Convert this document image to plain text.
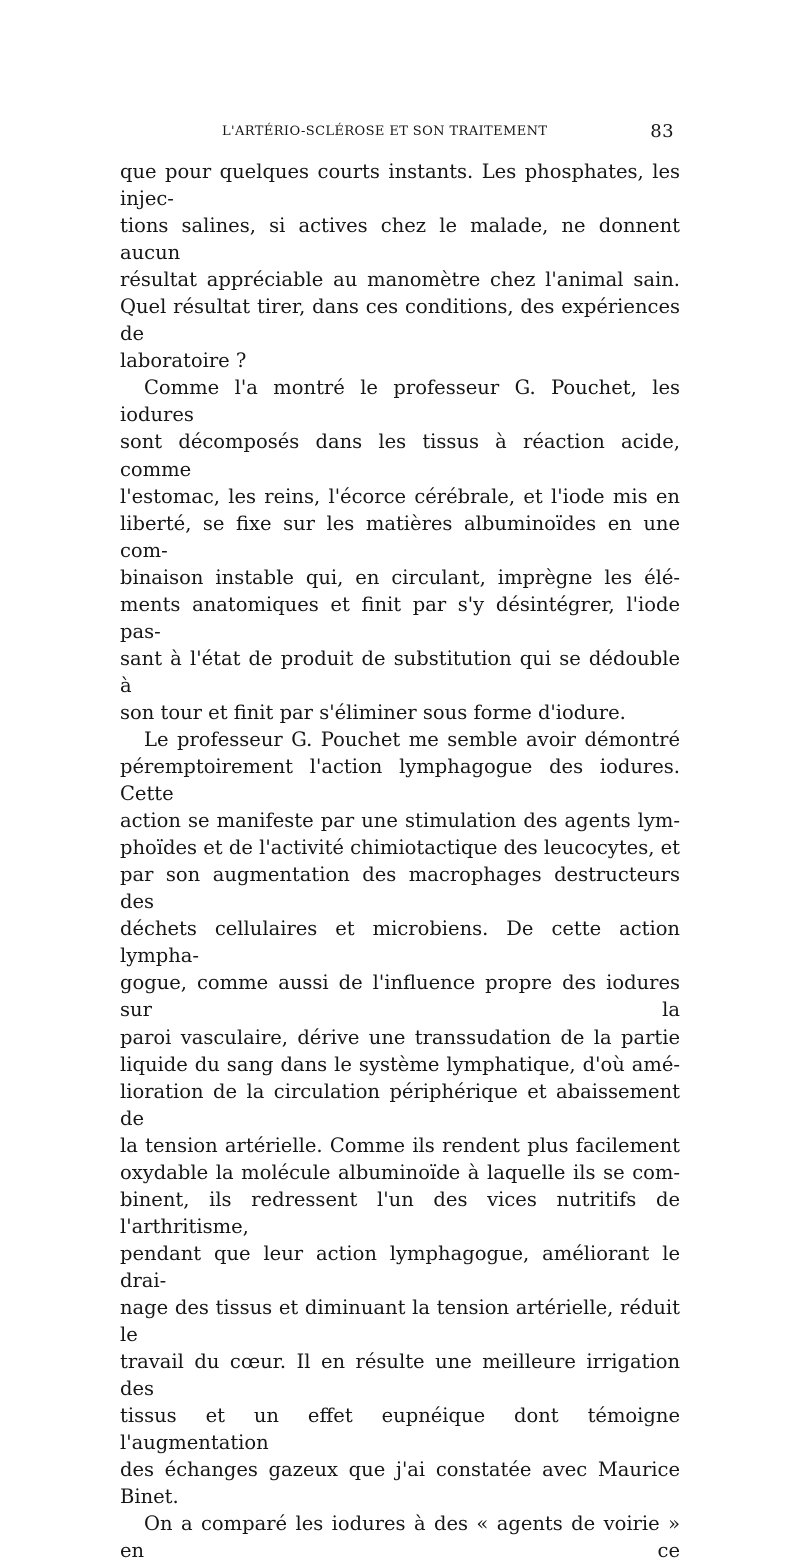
L'ARTÉRIO-SCLÉROSE ET SON TRAITEMENT	83

que pour quelques courts instants. Les phosphates, les injec-

tions salines, si actives chez le malade, ne donnent aucun

résultat appréciable au manomètre chez l'animal sain.

Quel résultat tirer, dans ces conditions, des expériences de

laboratoire ?

Comme l'a montré le professeur G. Pouchet, les iodures

sont décomposés dans les tissus à réaction acide, comme

l'estomac, les reins, l'écorce cérébrale, et l'iode mis en

liberté, se fixe sur les matières albuminoïdes en une com-

binaison instable qui, en circulant, imprègne les élé-

ments anatomiques et finit par s'y désintégrer, l'iode pas-

sant à l'état de produit de substitution qui se dédouble à

son tour et finit par s'éliminer sous forme d'iodure.

Le professeur G. Pouchet me semble avoir démontré

péremptoirement l'action lymphagogue des iodures. Cette

action se manifeste par une stimulation des agents lym-

phoïdes et de l'activité chimiotactique des leucocytes, et

par son augmentation des macrophages destructeurs des

déchets cellulaires et microbiens. De cette action lympha-

gogue, comme aussi de l'influence propre des iodures sur la

paroi vasculaire, dérive une transsudation de la partie

liquide du sang dans le système lymphatique, d'où amé-

lioration de la circulation périphérique et abaissement de

la tension artérielle. Comme ils rendent plus facilement

oxydable la molécule albuminoïde à laquelle ils se com-

binent, ils redressent l'un des vices nutritifs de l'arthritisme,

pendant que leur action lymphagogue, améliorant le drai-

nage des tissus et diminuant la tension artérielle, réduit le

travail du cœur. Il en résulte une meilleure irrigation des

tissus et un effet eupnéique dont témoigne l'augmentation

des échanges gazeux que j'ai constatée avec Maurice Binet.

On a comparé les iodures à des « agents de voirie » en ce
